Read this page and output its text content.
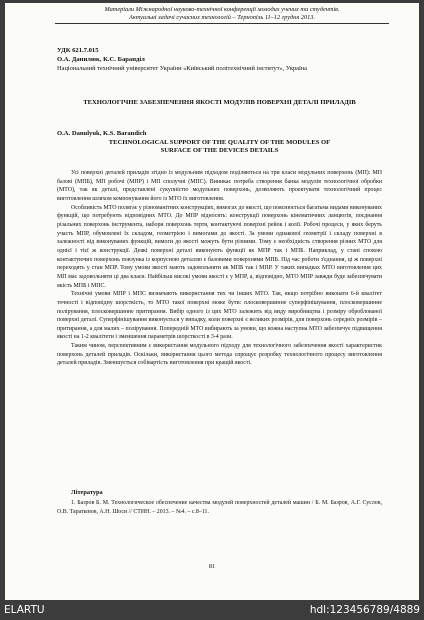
Матеріали Міжнародної науково-технічної конференції молодих учених та студентів.
Актуальні задачі сучасних технологій – Тернопіль 11–12 грудня 2013.
УДК 621.7.015
О.А. Данилюк, К.С. Баранділ
Національний технічний університет України «Київський політехнічний інститут», Україна
ТЕХНОЛОГІЧНЕ ЗАБЕЗПЕЧЕННЯ ЯКОСТІ МОДУЛІВ ПОВЕРХНІ ДЕТАЛІ ПРИЛАДІВ
O.A. Danulyuk, K.S. Barandich
TECHNOLOGICAL SUPPORT OF THE QUALITY OF THE MODULES OF
SURFACE OF THE DEVICES DETAILS

Усі поверхні деталей приладів згідно із модульним підходом поділяються на три класи модульних поверхонь (МП): МП базові (МПБ), МП робочі (МПР) і МП сполучні (МПС). Виникає потреба створення банка модулів технологічної обробки (МТО), так як деталі, представлені сукупністю модульних поверхонь, дозволяють проектувати технологічний процес виготовлення шляхом компонування його із МТО їх виготовлення.

Особливість МТО полягає у різноманітних конструкціях, вимогах до якості, що пояснюється багатьма видами виконуваних функцій, що потребують відповідних МТО. До МПР відносять: конструкції поверхонь кінематичних ланцюгів, поєднання різальних поверхонь інструмента, набори поверхонь тертя, контактуючі поверхні рейок і колії. Робочі процеси, у яких беруть участь МПР, обумовлені їх складом, геометрією і вимогами до якості. За умови однакової геометрії і складу поверхні в залежності від виконуваних функцій, вимоги до якості можуть бути різними. Тому є необхідність створення різних МТО для однієї і тієї ж конструкції. Деякі поверхні деталі виконують функції як МПР так і МПБ. Наприклад, у стані спокою контактуючих поверхонь повзунка із корпусною деталлю є базовими поверхнями МПБ. Під час роботи з'єднання, ці ж поверхні переходять у стан МПР. Тому умови якості мають задовольняти як МПБ так і МПР. У таких випадках МТО виготовлення цих МП має задовольняти ці два класи. Найбільш високі умови якості є у МПР, а, відповідно, МТО МПР завжди буде забезпечувати якість МПБ і МПС.

Технічні умови МПР і МПС визначають використання тих чи інших МТО. Так, якщо потрібно виконати 6-й квалітет точності і відповідну шорсткість, то МТО такої поверхні може бути: плосковершинне суперфінішування, плосковершинне полірування, плосковершинне притирання. Вибір одного із цих МТО залежить від виду виробництва і розміру оброблованої поверхні деталі. Суперфінішування виконується у випадку, коли поверхні є великих розмірів, для поверхонь середніх розмірів – притирання, а для малих – полірування. Попередній МТО вибирають за умови, що кожна наступна МТО забезпечує підвищення якості на 1-2 квалітети і зменшення параметрів шорсткості в 3-4 рази.

Таким чином, перспективним є використання модульного підходу для технологічного забезпечення якості характеристик поверхонь деталей приладів. Оскільки, використання цього метода спрощує розробку технологічного процесу виготовлення деталей приладів. Зменшується собівартість виготовлення при кращій якості.

Література

1. Базров Б. М. Технологическое обеспечение качества модулей поверхностей деталей машин / Б. М. Базров, А.Г. Суслов, О.В. Таратынов, А.Н. Шоси // СТИН. – 2013. – №4. – с.8–11.

81
ELARTU	hdl:123456789/4889
